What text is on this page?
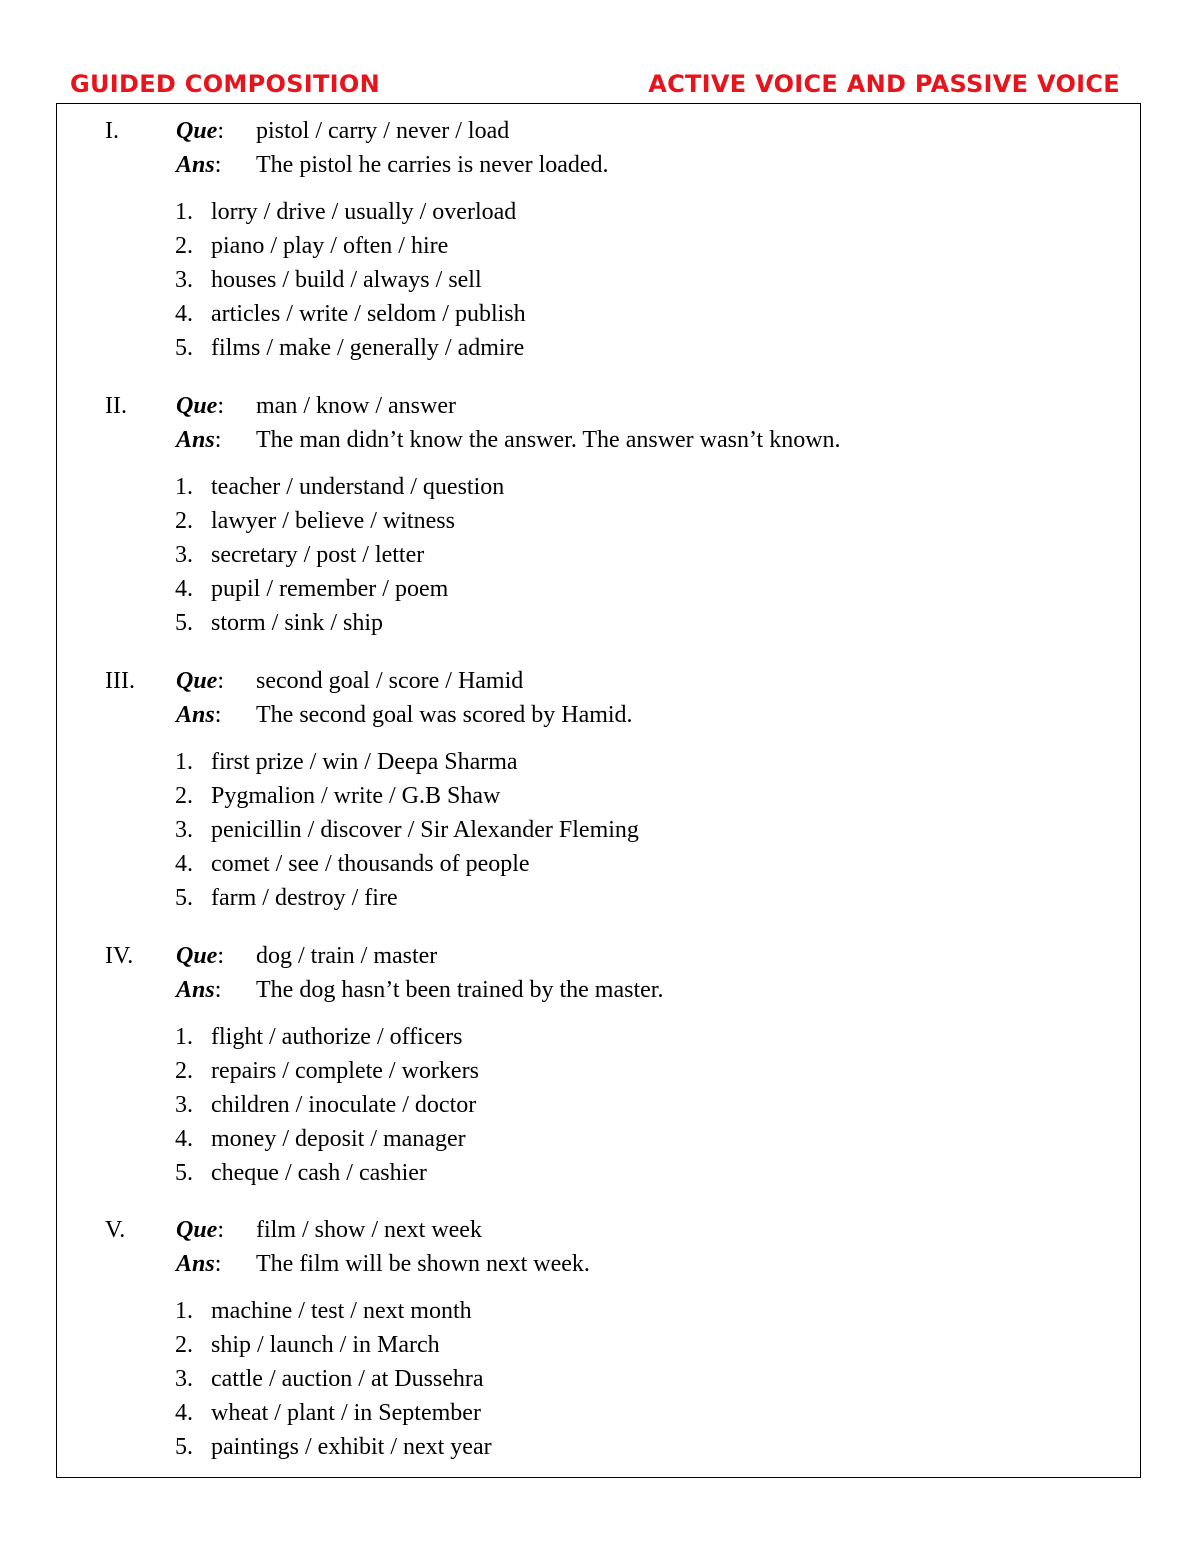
GUIDED COMPOSITION	ACTIVE VOICE AND PASSIVE VOICE
I. Que: pistol / carry / never / load
Ans: The pistol he carries is never loaded.
1. lorry / drive / usually / overload
2. piano / play / often / hire
3. houses / build / always / sell
4. articles / write / seldom / publish
5. films / make / generally / admire
II. Que: man / know / answer
Ans: The man didn’t know the answer. The answer wasn’t known.
1. teacher / understand / question
2. lawyer / believe / witness
3. secretary / post / letter
4. pupil / remember / poem
5. storm / sink / ship
III. Que: second goal / score / Hamid
Ans: The second goal was scored by Hamid.
1. first prize / win / Deepa Sharma
2. Pygmalion / write / G.B Shaw
3. penicillin / discover / Sir Alexander Fleming
4. comet / see / thousands of people
5. farm / destroy / fire
IV. Que: dog / train / master
Ans: The dog hasn’t been trained by the master.
1. flight / authorize / officers
2. repairs / complete / workers
3. children / inoculate / doctor
4. money / deposit / manager
5. cheque / cash / cashier
V. Que: film / show / next week
Ans: The film will be shown next week.
1. machine / test / next month
2. ship / launch / in March
3. cattle / auction / at Dussehra
4. wheat / plant / in September
5. paintings / exhibit / next year
